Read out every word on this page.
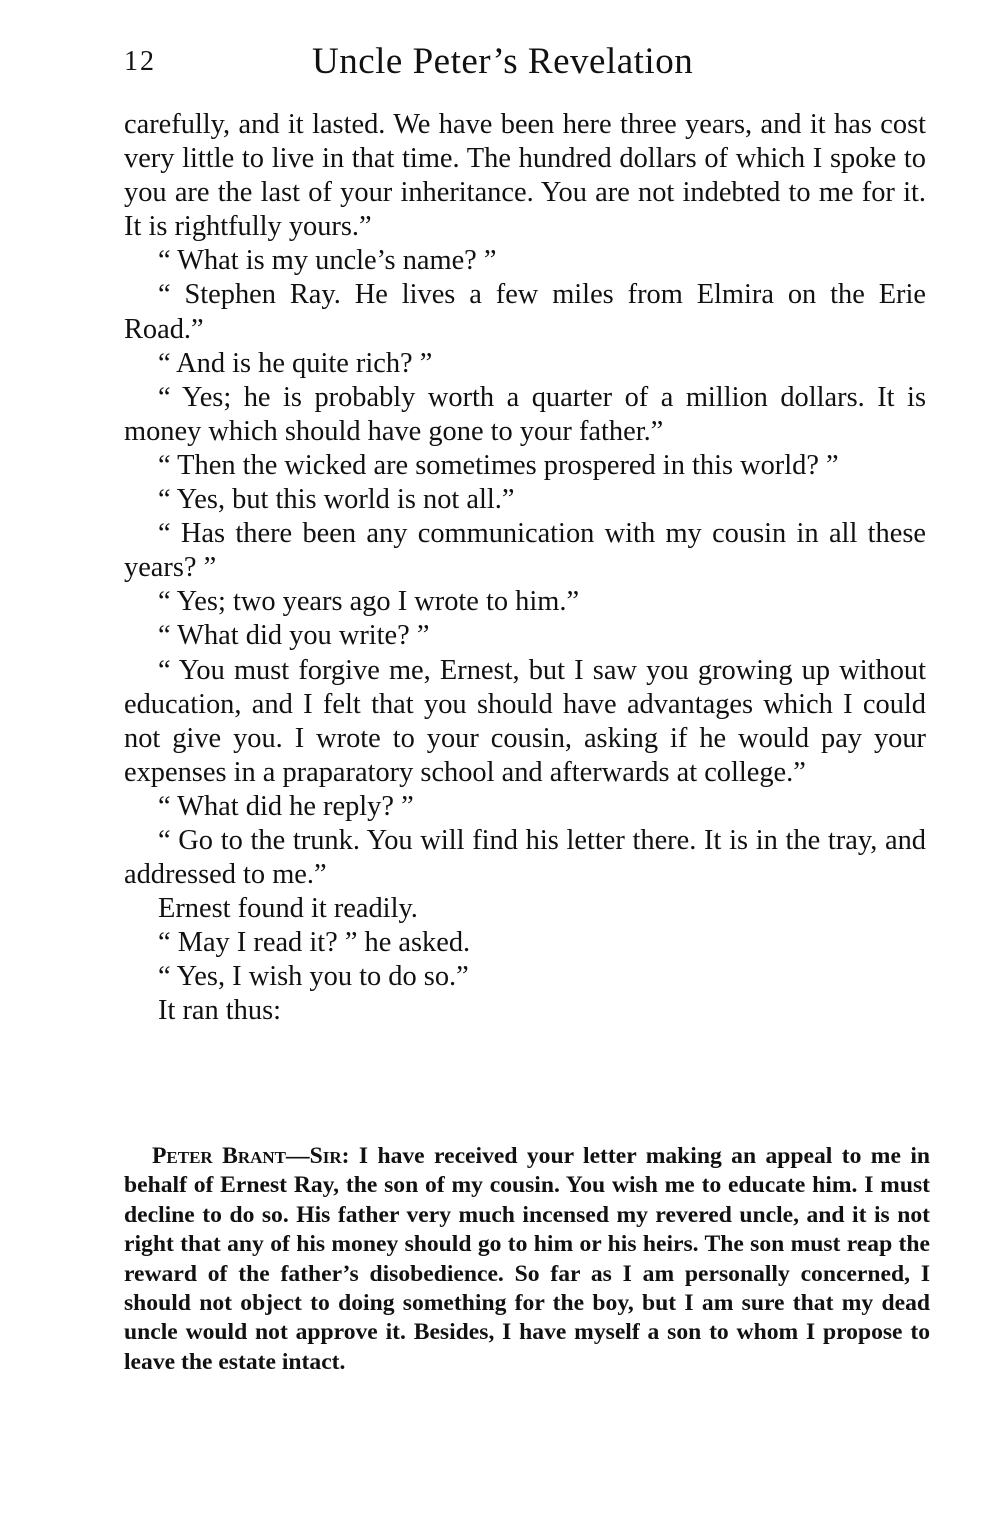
12	Uncle Peter’s Revelation

carefully, and it lasted. We have been here three years, and it has cost very little to live in that time. The hundred dollars of which I spoke to you are the last of your inheritance. You are not indebted to me for it. It is rightfully yours.”

“ What is my uncle’s name? ”

“ Stephen Ray. He lives a few miles from Elmira on the Erie Road.”

“ And is he quite rich? ”

“ Yes; he is probably worth a quarter of a million dollars. It is money which should have gone to your father.”

“ Then the wicked are sometimes prospered in this world? ”

“ Yes, but this world is not all.”

“ Has there been any communication with my cousin in all these years? ”

“ Yes; two years ago I wrote to him.”

“ What did you write? ”

“ You must forgive me, Ernest, but I saw you growing up without education, and I felt that you should have advantages which I could not give you. I wrote to your cousin, asking if he would pay your expenses in a praparatory school and afterwards at college.”

“ What did he reply? ”

“ Go to the trunk. You will find his letter there. It is in the tray, and addressed to me.”

Ernest found it readily.

“ May I read it? ” he asked.

“ Yes, I wish you to do so.”

It ran thus:

Peter Brant—Sir: I have received your letter making an appeal to me in behalf of Ernest Ray, the son of my cousin. You wish me to educate him. I must decline to do so. His father very much incensed my revered uncle, and it is not right that any of his money should go to him or his heirs. The son must reap the reward of the father’s disobedience. So far as I am personally concerned, I should not object to doing something for the boy, but I am sure that my dead uncle would not approve it. Besides, I have myself a son to whom I propose to leave the estate intact.
